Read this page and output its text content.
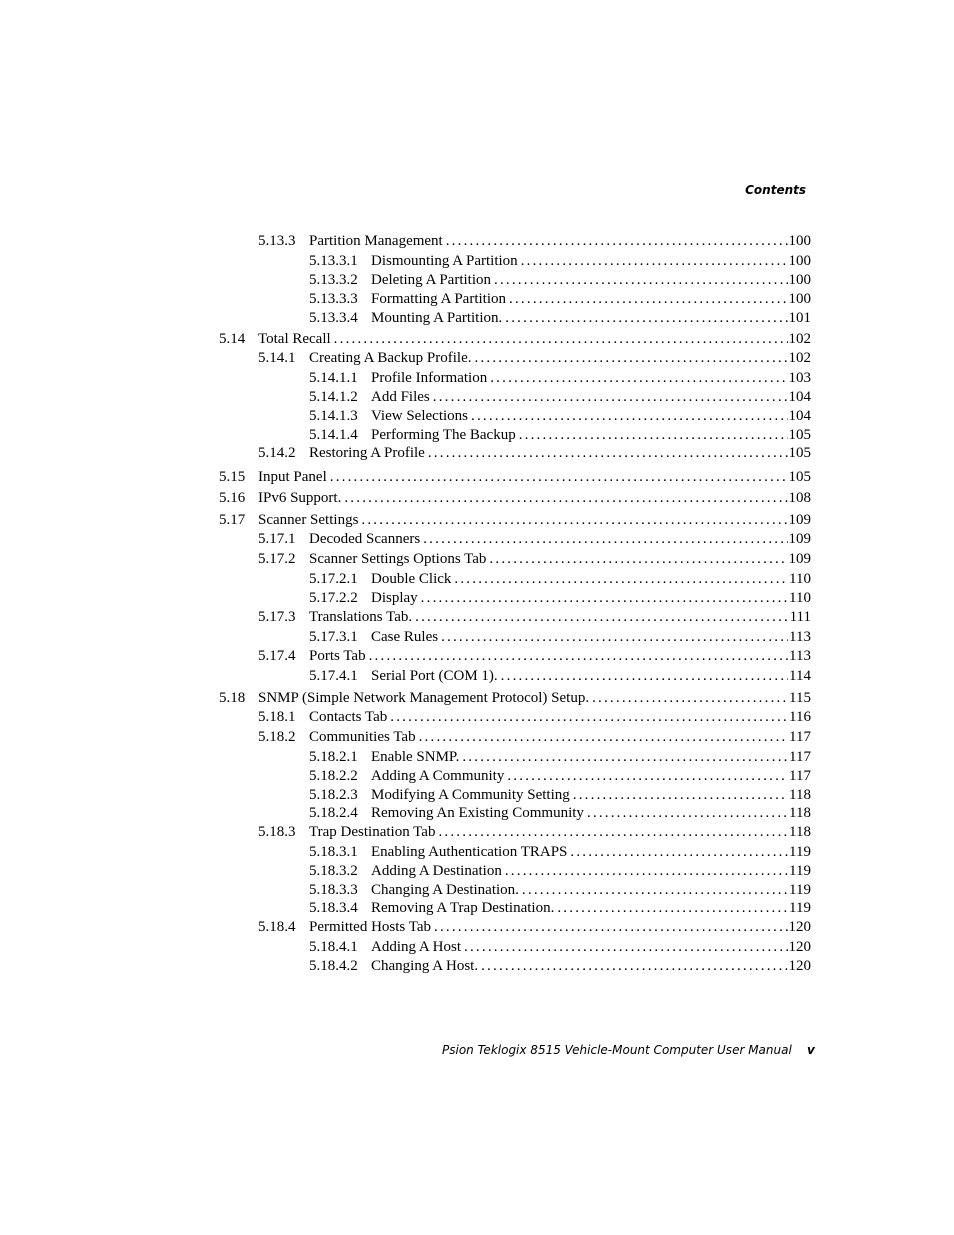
Contents
5.13.3 Partition Management .....	100
5.13.3.1 Dismounting A Partition .....	100
5.13.3.2 Deleting A Partition .....	100
5.13.3.3 Formatting A Partition .....	100
5.13.3.4 Mounting A Partition. .....	101
5.14 Total Recall .....	102
5.14.1 Creating A Backup Profile. .....	102
5.14.1.1 Profile Information .....	103
5.14.1.2 Add Files .....	104
5.14.1.3 View Selections .....	104
5.14.1.4 Performing The Backup .....	105
5.14.2 Restoring A Profile .....	105
5.15 Input Panel .....	105
5.16 IPv6 Support. .....	108
5.17 Scanner Settings .....	109
5.17.1 Decoded Scanners .....	109
5.17.2 Scanner Settings Options Tab .....	109
5.17.2.1 Double Click .....	110
5.17.2.2 Display .....	110
5.17.3 Translations Tab. .....	111
5.17.3.1 Case Rules .....	113
5.17.4 Ports Tab .....	113
5.17.4.1 Serial Port (COM 1). .....	114
5.18 SNMP (Simple Network Management Protocol) Setup. .....	115
5.18.1 Contacts Tab .....	116
5.18.2 Communities Tab .....	117
5.18.2.1 Enable SNMP. .....	117
5.18.2.2 Adding A Community .....	117
5.18.2.3 Modifying A Community Setting .....	118
5.18.2.4 Removing An Existing Community .....	118
5.18.3 Trap Destination Tab .....	118
5.18.3.1 Enabling Authentication TRAPS .....	119
5.18.3.2 Adding A Destination .....	119
5.18.3.3 Changing A Destination. .....	119
5.18.3.4 Removing A Trap Destination. .....	119
5.18.4 Permitted Hosts Tab .....	120
5.18.4.1 Adding A Host .....	120
5.18.4.2 Changing A Host. .....	120
Psion Teklogix 8515 Vehicle-Mount Computer User Manual v
